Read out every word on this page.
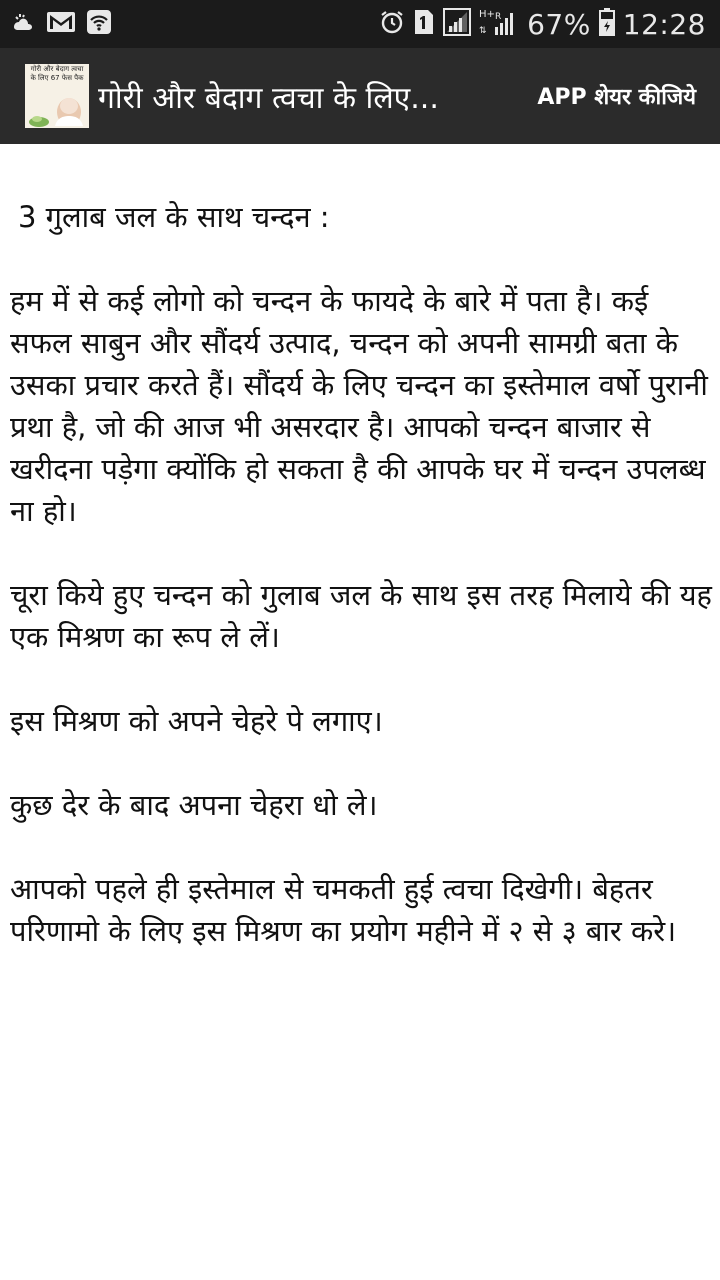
H+
⇅
R 67% 12:28
गोरी और बेदाग त्वचा के लिए 67 फेस पैक
गोरी और बेदाग त्वचा के लिए...	APP शेयर कीजिये

3 गुलाब जल के साथ चन्दन :

हम में से कई लोगो को चन्दन के फायदे के बारे में पता है। कई सफल साबुन और सौंदर्य उत्पाद, चन्दन को अपनी सामग्री बता के उसका प्रचार करते हैं। सौंदर्य के लिए चन्दन का इस्तेमाल वर्षो पुरानी प्रथा है, जो की आज भी असरदार है। आपको चन्दन बाजार से खरीदना पड़ेगा क्योंकि हो सकता है की आपके घर में चन्दन उपलब्ध ना हो।

चूरा किये हुए चन्दन को गुलाब जल के साथ इस तरह मिलाये की यह एक मिश्रण का रूप ले लें।

इस मिश्रण को अपने चेहरे पे लगाए।

कुछ देर के बाद अपना चेहरा धो ले।

आपको पहले ही इस्तेमाल से चमकती हुई त्वचा दिखेगी। बेहतर परिणामो के लिए इस मिश्रण का प्रयोग महीने में २ से ३ बार करे।
